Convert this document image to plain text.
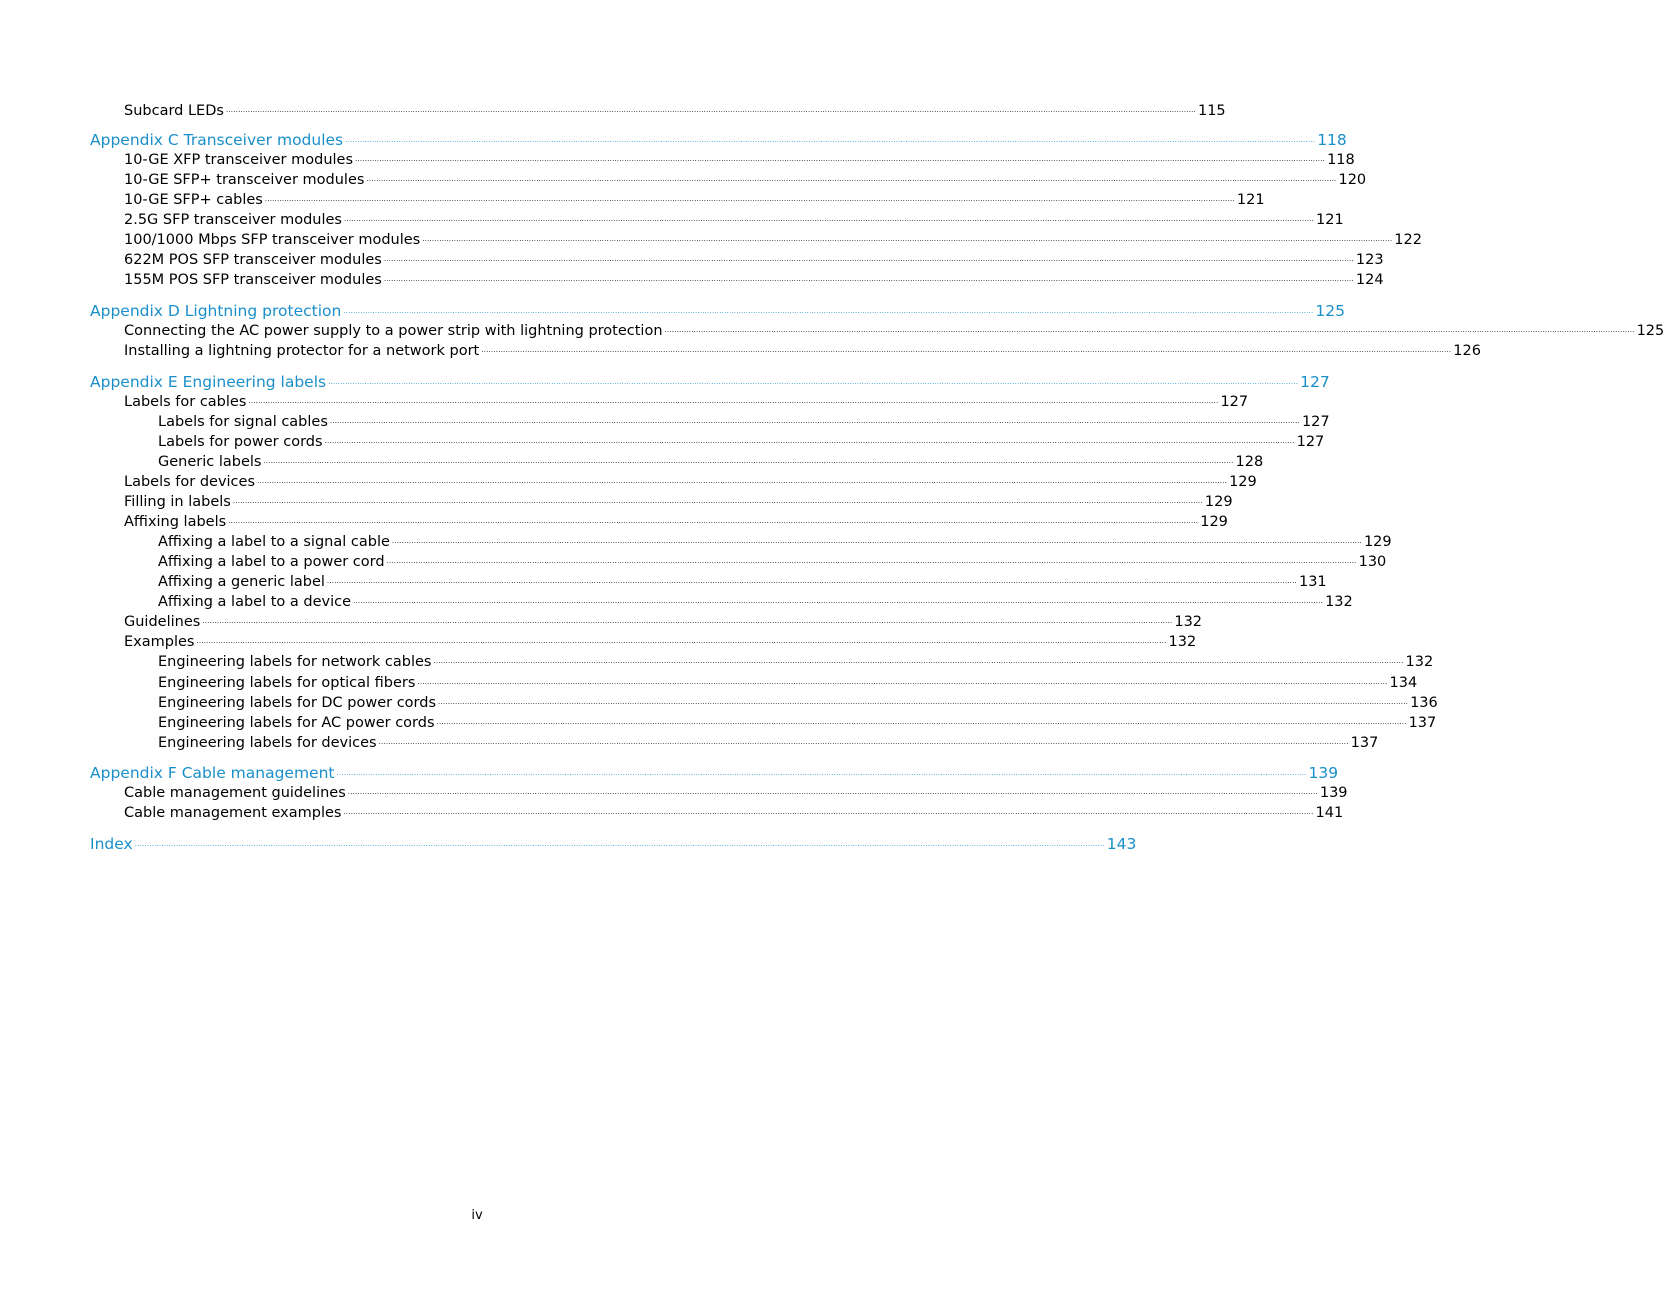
Subcard LEDs ················································································································································································································································································································································································································ 115
Appendix C Transceiver modules ················································································································································································································································································································································································································ 118
10-GE XFP transceiver modules ················································································································································································································································································································································································································ 118
10-GE SFP+ transceiver modules ················································································································································································································································································································································································································ 120
10-GE SFP+ cables ················································································································································································································································································································································································································ 121
2.5G SFP transceiver modules ················································································································································································································································································································································································································ 121
100/1000 Mbps SFP transceiver modules ················································································································································································································································································································································································································ 122
622M POS SFP transceiver modules ················································································································································································································································································································································································································ 123
155M POS SFP transceiver modules ················································································································································································································································································································································································································ 124
Appendix D Lightning protection ················································································································································································································································································································································································································ 125
Connecting the AC power supply to a power strip with lightning protection ················································································································································································································································································································································································································ 125
Installing a lightning protector for a network port ················································································································································································································································································································································································································ 126
Appendix E Engineering labels ················································································································································································································································································································································································································ 127
Labels for cables ················································································································································································································································································································································································································ 127
Labels for signal cables ················································································································································································································································································································································································································ 127
Labels for power cords ················································································································································································································································································································································································································ 127
Generic labels ················································································································································································································································································································································································································ 128
Labels for devices ················································································································································································································································································································································································································ 129
Filling in labels ················································································································································································································································································································································································································ 129
Affixing labels ················································································································································································································································································································································································································ 129
Affixing a label to a signal cable ················································································································································································································································································································································································································ 129
Affixing a label to a power cord ················································································································································································································································································································································································································ 130
Affixing a generic label ················································································································································································································································································································································································································ 131
Affixing a label to a device ················································································································································································································································································································································································································ 132
Guidelines ················································································································································································································································································································································································································ 132
Examples ················································································································································································································································································································································································································ 132
Engineering labels for network cables ················································································································································································································································································································································································································ 132
Engineering labels for optical fibers ················································································································································································································································································································································································································ 134
Engineering labels for DC power cords ················································································································································································································································································································································································································ 136
Engineering labels for AC power cords ················································································································································································································································································································································································································ 137
Engineering labels for devices ················································································································································································································································································································································································································ 137
Appendix F Cable management ················································································································································································································································································································································································································ 139
Cable management guidelines ················································································································································································································································································································································································································ 139
Cable management examples ················································································································································································································································································································································································································ 141
Index ················································································································································································································································································································································································································ 143
iv
